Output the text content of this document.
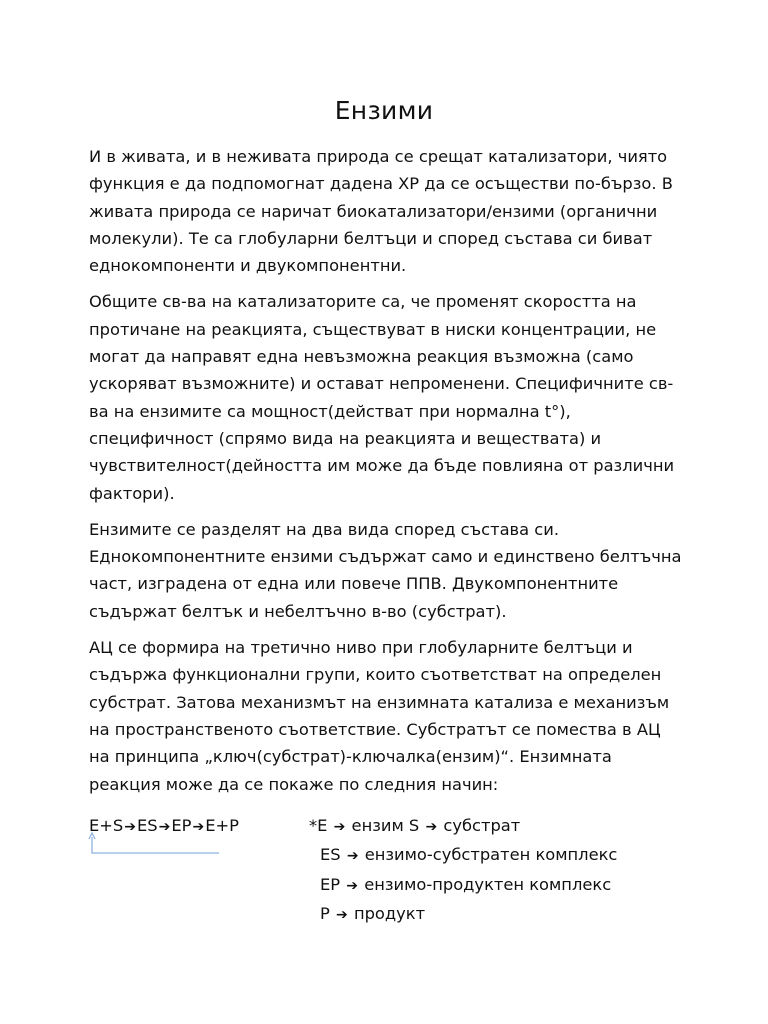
Ензими

И в живата, и в неживата природа се срещат катализатори, чиято функция е да подпомогнат дадена ХР да се осъществи по-бързо. В живата природа се наричат биокатализатори/ензими (органични молекули). Те са глобуларни белтъци и според състава си биват еднокомпоненти и двукомпонентни.

Общите св-ва на катализаторите са, че променят скоростта на протичане на реакцията, съществуват в ниски концентрации, не могат да направят една невъзможна реакция възможна (само ускоряват възможните) и остават непроменени. Специфичните св-ва на ензимите са мощност(действат при нормална t°), специфичност (спрямо вида на реакцията и веществата) и чувствителност(дейността им може да бъде повлияна от различни фактори).

Ензимите се разделят на два вида според състава си. Еднокомпонентните ензими съдържат само и единствено белтъчна част, изградена от една или повече ППВ. Двукомпонентните съдържат белтък и небелтъчно в-во (субстрат).

АЦ се формира на третично ниво при глобуларните белтъци и съдържа функционални групи, които съответстват на определен субстрат. Затова механизмът на ензимната катализа е механизъм на пространственото съответствие. Субстратът се помества в АЦ на принципа „ключ(субстрат)-ключалка(ензим)“. Ензимната реакция може да се покаже по следния начин:

E+S➔ES➔EP➔E+P	*E ➔ ензим S ➔ субстрат
ES ➔ ензимо-субстратен комплекс
EP ➔ ензимо-продуктен комплекс
P ➔ продукт
